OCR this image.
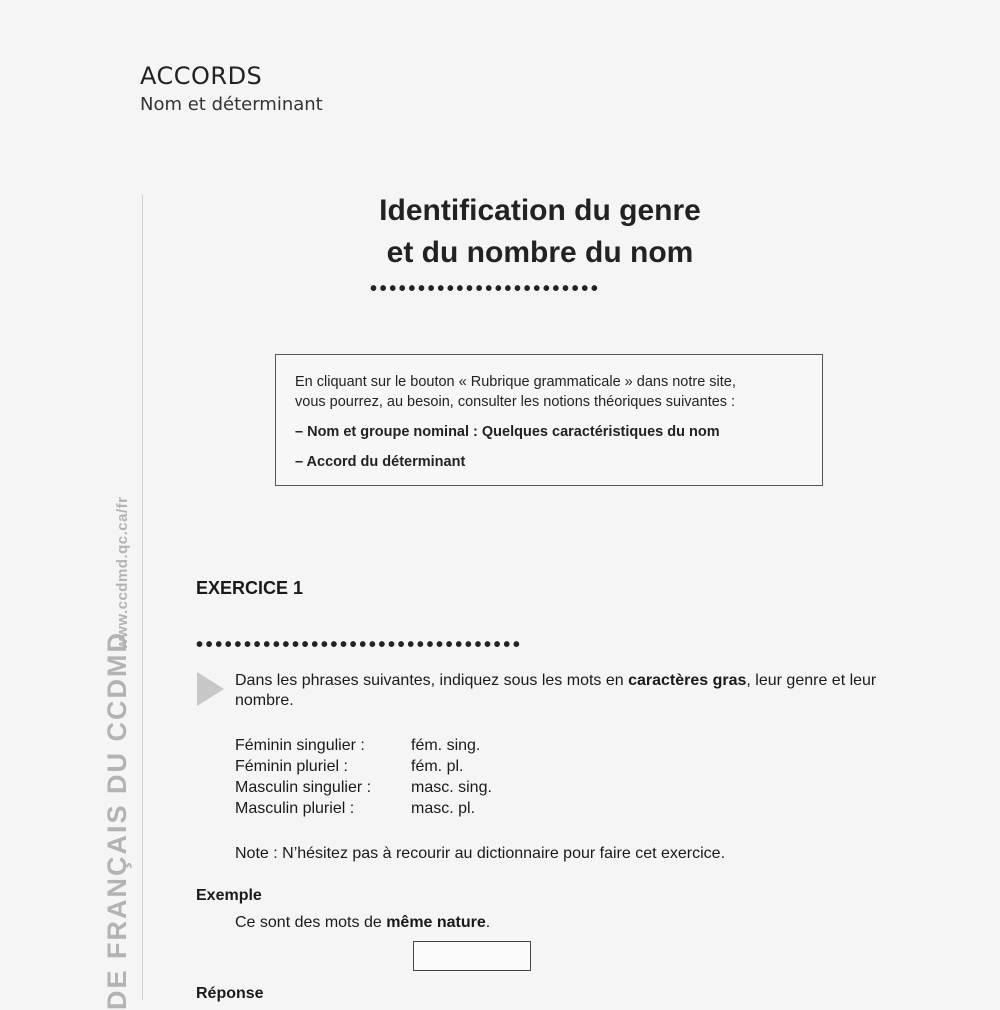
ACCORDS
Nom et déterminant
www.ccdmd.qc.ca/fr
DE FRANÇAIS DU CCDMD
Identification du genre
et du nombre du nom
••••••••••••••••••••••••
En cliquant sur le bouton « Rubrique grammaticale » dans notre site,
vous pourrez, au besoin, consulter les notions théoriques suivantes :
– Nom et groupe nominal : Quelques caractéristiques du nom
– Accord du déterminant
EXERCICE 1
••••••••••••••••••••••••••••••••••
Dans les phrases suivantes, indiquez sous les mots en caractères gras, leur genre et leur nombre.
Féminin singulier :	fém. sing.
Féminin pluriel :	fém. pl.
Masculin singulier :	masc. sing.
Masculin pluriel :	masc. pl.
Note : N’hésitez pas à recourir au dictionnaire pour faire cet exercice.
Exemple
Ce sont des mots de même nature.
Réponse
